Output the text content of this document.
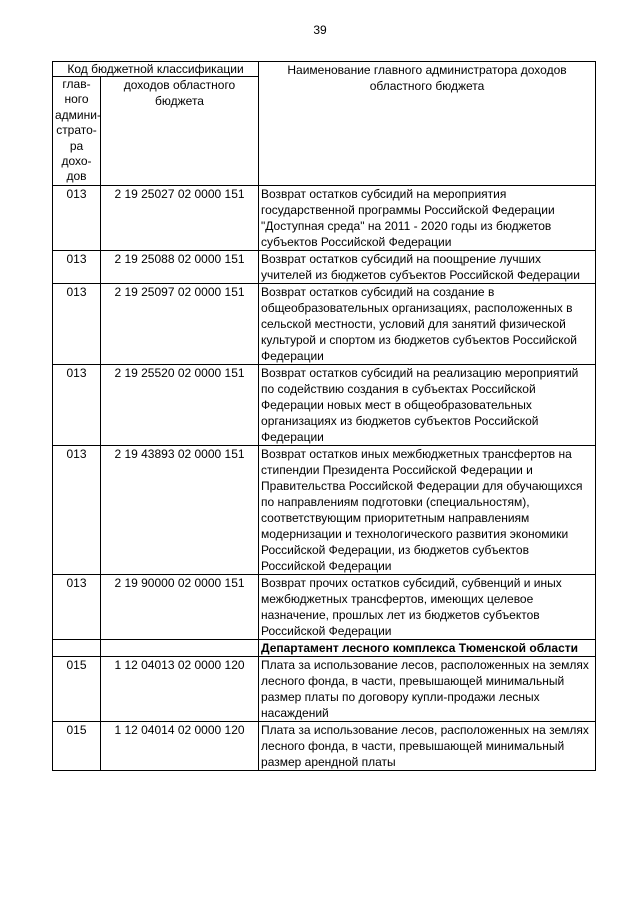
39
Код бюджетной классификации		Наименование главного администратора доходов областного бюджета
глав-ного админи-страто-ра дохо-дов	доходов областного бюджета	
013	2 19 25027 02 0000 151	Возврат остатков субсидий на мероприятия государственной программы Российской Федерации "Доступная среда" на 2011 - 2020 годы из бюджетов субъектов Российской Федерации
013	2 19 25088 02 0000 151	Возврат остатков субсидий на поощрение лучших учителей из бюджетов субъектов Российской Федерации
013	2 19 25097 02 0000 151	Возврат остатков субсидий на создание в общеобразовательных организациях, расположенных в сельской местности, условий для занятий физической культурой и спортом из бюджетов субъектов Российской Федерации
013	2 19 25520 02 0000 151	Возврат остатков субсидий на реализацию мероприятий по содействию создания в субъектах Российской Федерации новых мест в общеобразовательных организациях из бюджетов субъектов Российской Федерации
013	2 19 43893 02 0000 151	Возврат остатков иных межбюджетных трансфертов на стипендии Президента Российской Федерации и Правительства Российской Федерации для обучающихся по направлениям подготовки (специальностям), соответствующим приоритетным направлениям модернизации и технологического развития экономики Российской Федерации, из бюджетов субъектов Российской Федерации
013	2 19 90000 02 0000 151	Возврат прочих остатков субсидий, субвенций и иных межбюджетных трансфертов, имеющих целевое назначение, прошлых лет из бюджетов субъектов Российской Федерации
		Департамент лесного комплекса Тюменской области
015	1 12 04013 02 0000 120	Плата за использование лесов, расположенных на землях лесного фонда, в части, превышающей минимальный размер платы по договору купли-продажи лесных насаждений
015	1 12 04014 02 0000 120	Плата за использование лесов, расположенных на землях лесного фонда, в части, превышающей минимальный размер арендной платы
